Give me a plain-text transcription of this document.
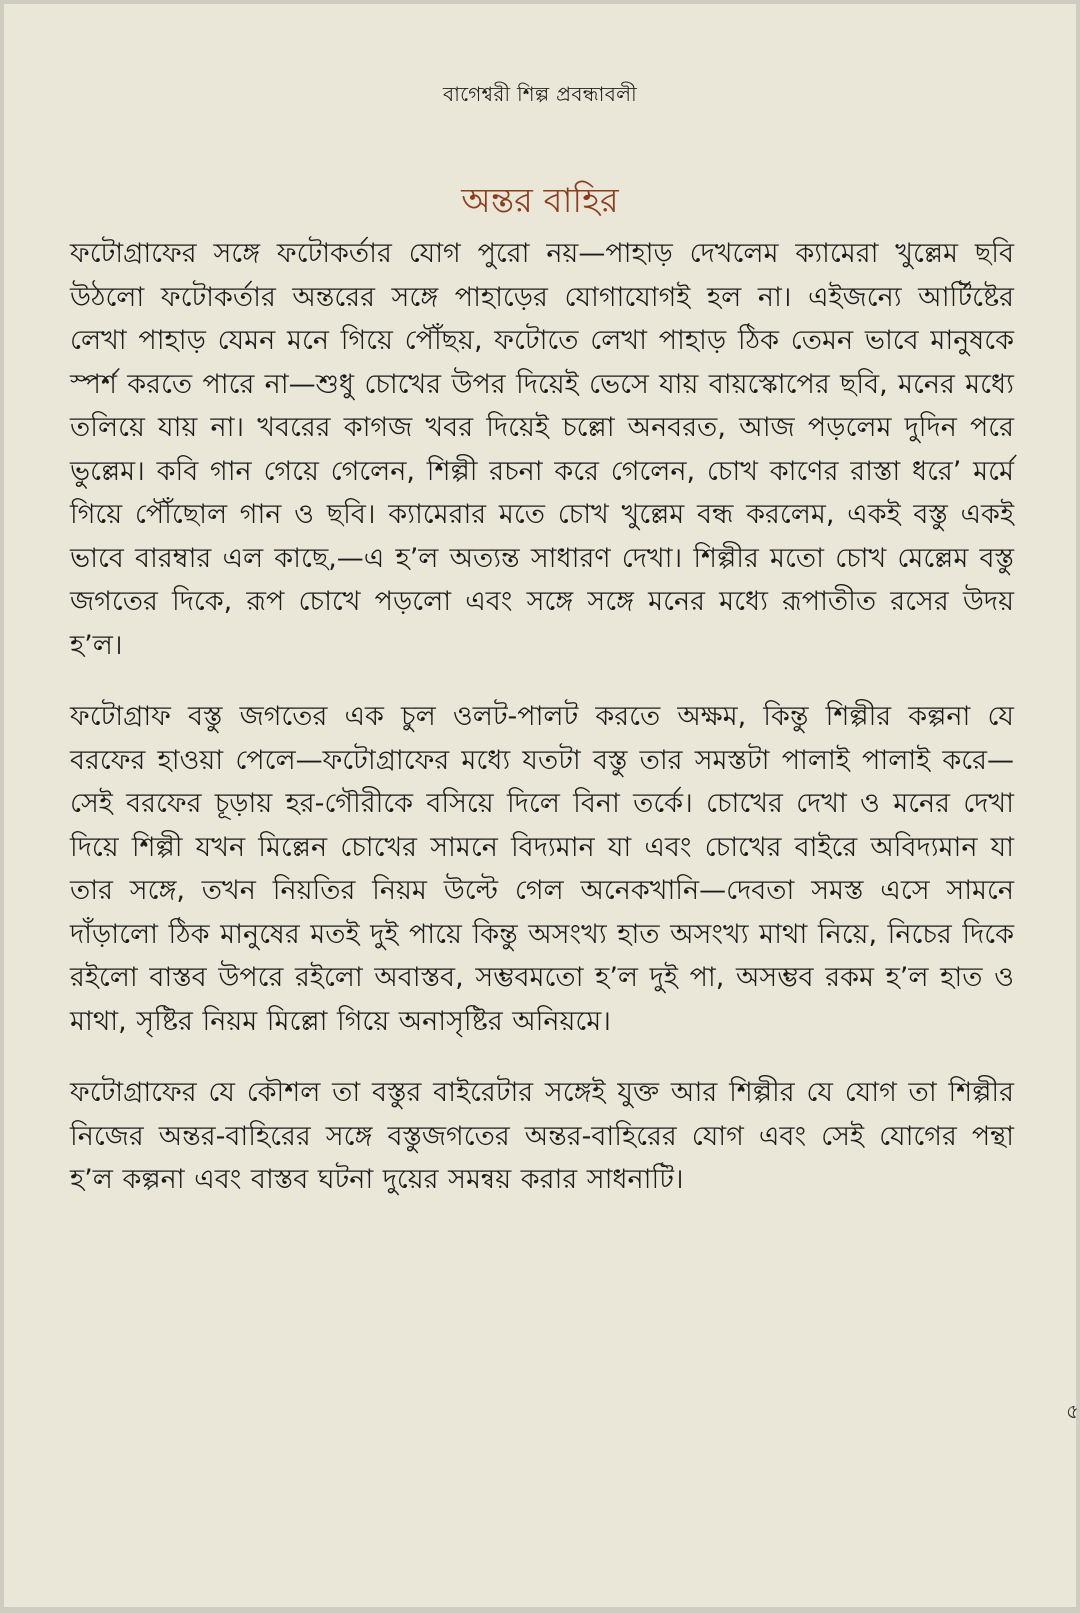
বাগেশ্বরী শিল্প প্রবন্ধাবলী
অন্তর বাহির

ফটোগ্রাফের সঙ্গে ফটোকর্তার যোগ পুরো নয়—পাহাড় দেখলেম ক্যামেরা খুল্লেম ছবি উঠলো ফটোকর্তার অন্তরের সঙ্গে পাহাড়ের যোগাযোগই হল না। এইজন্যে আর্টিষ্টের লেখা পাহাড় যেমন মনে গিয়ে পৌঁছয়, ফটোতে লেখা পাহাড় ঠিক তেমন ভাবে মানুষকে স্পর্শ করতে পারে না—শুধু চোখের উপর দিয়েই ভেসে যায় বায়স্কোপের ছবি, মনের মধ্যে তলিয়ে যায় না। খবরের কাগজ খবর দিয়েই চল্লো অনবরত, আজ পড়লেম দুদিন পরে ভুল্লেম। কবি গান গেয়ে গেলেন, শিল্পী রচনা করে গেলেন, চোখ কাণের রাস্তা ধরে’ মর্মে গিয়ে পৌঁছোল গান ও ছবি। ক্যামেরার মতে চোখ খুল্লেম বন্ধ করলেম, একই বস্তু একই ভাবে বারম্বার এল কাছে,—এ হ’ল অত্যন্ত সাধারণ দেখা। শিল্পীর মতো চোখ মেল্লেম বস্তু জগতের দিকে, রূপ চোখে পড়লো এবং সঙ্গে সঙ্গে মনের মধ্যে রূপাতীত রসের উদয় হ’ল।

ফটোগ্রাফ বস্তু জগতের এক চুল ওলট-পালট করতে অক্ষম, কিন্তু শিল্পীর কল্পনা যে বরফের হাওয়া পেলে—ফটোগ্রাফের মধ্যে যতটা বস্তু তার সমস্তটা পালাই পালাই করে—সেই বরফের চূড়ায় হর-গৌরীকে বসিয়ে দিলে বিনা তর্কে। চোখের দেখা ও মনের দেখা দিয়ে শিল্পী যখন মিল্লেন চোখের সামনে বিদ্যমান যা এবং চোখের বাইরে অবিদ্যমান যা তার সঙ্গে, তখন নিয়তির নিয়ম উল্টে গেল অনেকখানি—দেবতা সমস্ত এসে সামনে দাঁড়ালো ঠিক মানুষের মতই দুই পায়ে কিন্তু অসংখ্য হাত অসংখ্য মাথা নিয়ে, নিচের দিকে রইলো বাস্তব উপরে রইলো অবাস্তব, সম্ভবমতো হ’ল দুই পা, অসম্ভব রকম হ’ল হাত ও মাথা, সৃষ্টির নিয়ম মিল্লো গিয়ে অনাসৃষ্টির অনিয়মে।

ফটোগ্রাফের যে কৌশল তা বস্তুর বাইরেটার সঙ্গেই যুক্ত আর শিল্পীর যে যোগ তা শিল্পীর নিজের অন্তর-বাহিরের সঙ্গে বস্তুজগতের অন্তর-বাহিরের যোগ এবং সেই যোগের পন্থা হ’ল কল্পনা এবং বাস্তব ঘটনা দুয়ের সমন্বয় করার সাধনাটি।

৫
